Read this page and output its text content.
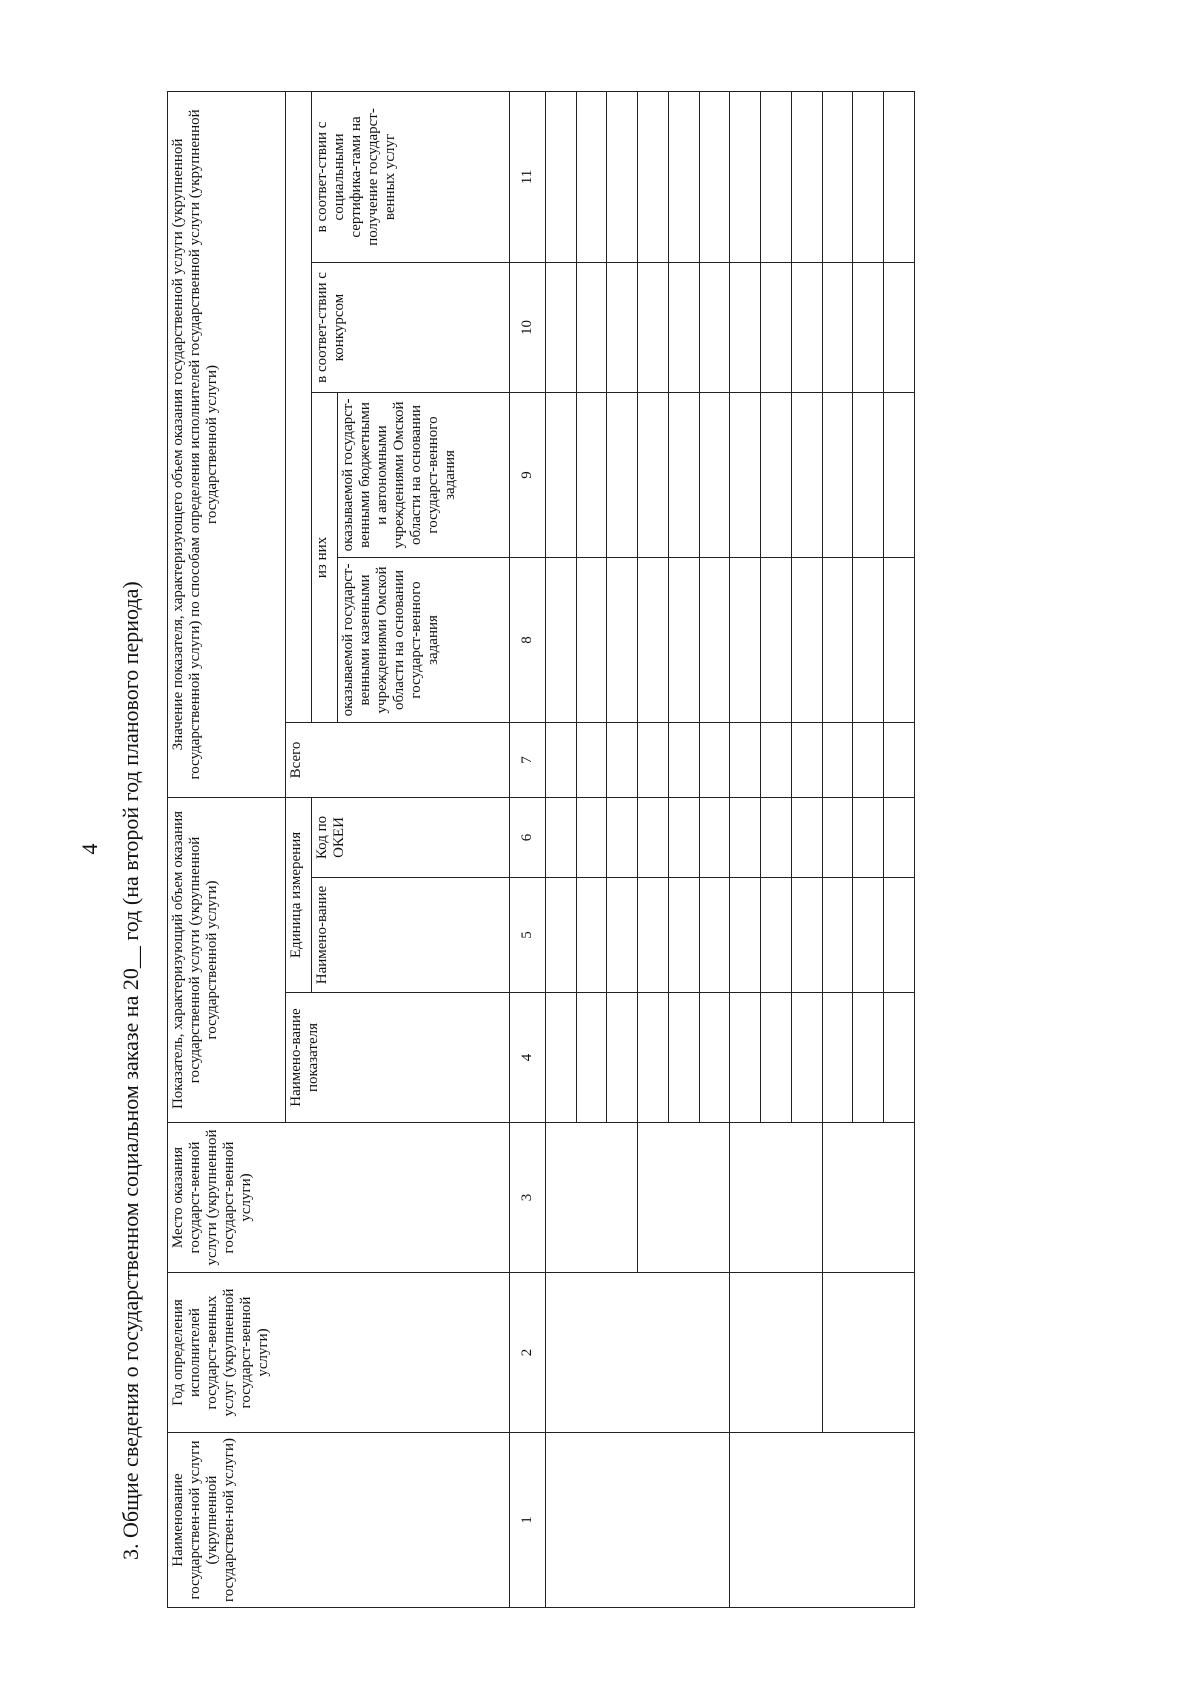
4 3. Общие сведения о государственном социальном заказе на 20__ год (на второй год планового периода) Наименование государствен-ной услуги (укрупненной государствен-ной услуги)	Год определения исполнителей государст-венных услуг (укрупненной государст-венной услуги)	Место оказания государст-венной услуги (укрупненной государст-венной услуги)	Показатель, характеризующий объем оказания государственной услуги (укрупненной государственной услуги)			Значение показателя, характеризующего объем оказания государственной услуги (укрупненной государственной услуги) по способам определения исполнителей государственной услуги (укрупненной государственной услуги)				
			Наимено-вание показателя	Единица измерения		Всего				
				Наимено-вание	Код по ОКЕИ		из них		в соответ-ствии с конкурсом	в соответ-ствии с социальными сертифика-тами на получение государст-венных услуг
							оказываемой государст-венными казенными учреждениями Омской области на основании государст-венного задания	оказываемой государст-венными бюджетными и автономными учреждениями Омской области на основании государст-венного задания		
1	2	3	4	5	6	7	8	9	10	11
